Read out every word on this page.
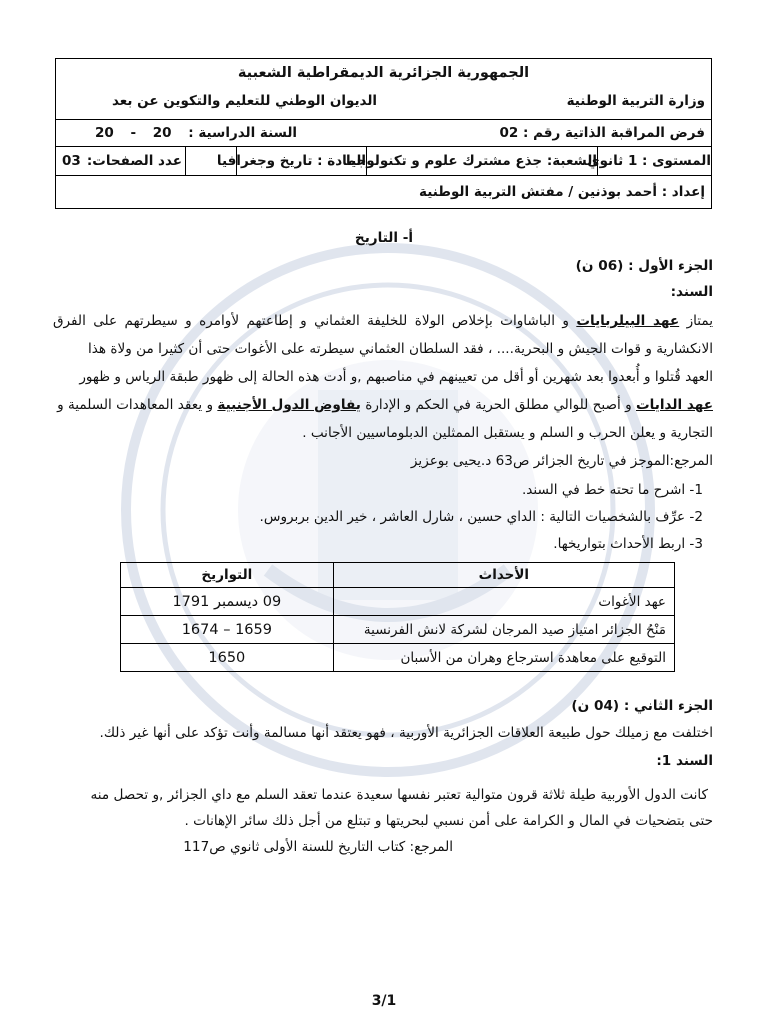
الجمهورية الجزائرية الديمقراطية الشعبية
وزارة التربية الوطنية
الديوان الوطني للتعليم والتكوين عن بعد
فرض المراقبة الذاتية رقم : 02
السنة الدراسية : 20 - 20
المستوى : 1 ثانوي
الشعبة: جذع مشترك علوم و تكنولوجيا
المادة : تاريخ وجغرافيا
عدد الصفحات:
03
إعداد : أحمد بوذنين / مفتش التربية الوطنية
أ- التاريخ
الجزء الأول : (06 ن)
السند:
يمتاز عهد البيلربايات و الباشاوات بإخلاص الولاة للخليفة العثماني و إطاعتهم لأوامره و سيطرتهم على الفرق
الانكشارية و قوات الجيش و البحرية.... ، فقد السلطان العثماني سيطرته على الأغوات حتى أن كثيرا من ولاة هذا
العهد قُتلوا و أُبعدوا بعد شهرين أو أقل من تعيينهم في مناصبهم ,و أدت هذه الحالة إلى ظهور طبقة الرياس و ظهور
عهد الدايات و أصبح للوالي مطلق الحرية في الحكم و الإدارة يفاوض الدول الأجنبية و يعقد المعاهدات السلمية و
التجارية و يعلن الحرب و السلم و يستقبل الممثلين الدبلوماسيين الأجانب .
المرجع:الموجز في تاريخ الجزائر ص63 د.يحيى بوعزيز
1- اشرح ما تحته خط في السند.
2- عرِّف بالشخصيات التالية : الداي حسين ، شارل العاشر ، خير الدين بربروس.
3- اربط الأحداث بتواريخها.
الأحداث	التواريخ
عهد الأغوات	09 ديسمبر 1791
مَنْحُ الجزائر امتياز صيد المرجان لشركة لانش الفرنسية	1659 – 1674
التوقيع على معاهدة استرجاع وهران من الأسبان	1650
الجزء الثاني : (04 ن)
اختلفت مع زميلك حول طبيعة العلاقات الجزائرية الأوربية ، فهو يعتقد أنها مسالمة وأنت تؤكد على أنها غير ذلك.
السند 1:
كانت الدول الأوربية طيلة ثلاثة قرون متوالية تعتبر نفسها سعيدة عندما تعقد السلم مع داي الجزائر ,و تحصل منه
حتى بتضحيات في المال و الكرامة على أمن نسبي لبحريتها و تبتلع من أجل ذلك سائر الإهانات .
المرجع: كتاب التاريخ للسنة الأولى ثانوي ص117
3/1
